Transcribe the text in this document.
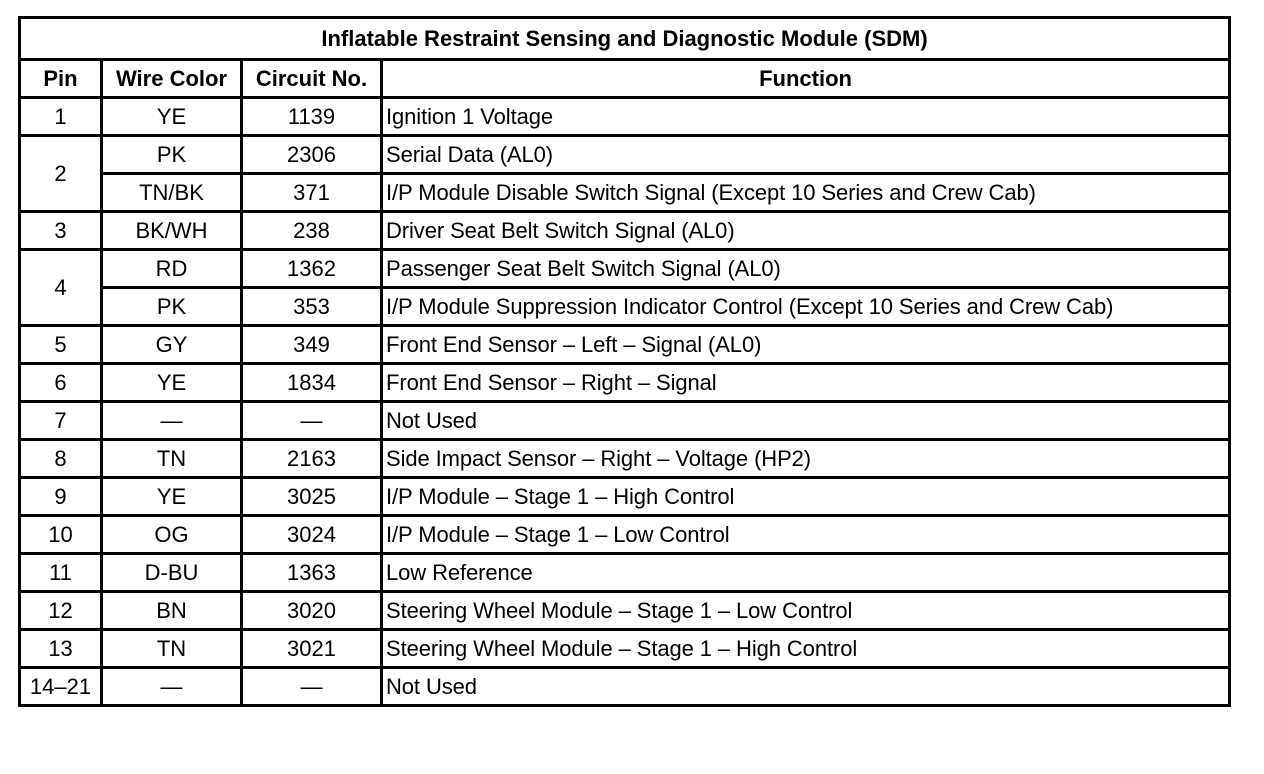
Inflatable Restraint Sensing and Diagnostic Module (SDM)			
Pin	Wire Color	Circuit No.	Function
1	YE	1139	Ignition 1 Voltage
2	PK	2306	Serial Data (AL0)
	TN/BK	371	I/P Module Disable Switch Signal (Except 10 Series and Crew Cab)
3	BK/WH	238	Driver Seat Belt Switch Signal (AL0)
4	RD	1362	Passenger Seat Belt Switch Signal (AL0)
	PK	353	I/P Module Suppression Indicator Control (Except 10 Series and Crew Cab)
5	GY	349	Front End Sensor – Left – Signal (AL0)
6	YE	1834	Front End Sensor – Right – Signal
7	—	—	Not Used
8	TN	2163	Side Impact Sensor – Right – Voltage (HP2)
9	YE	3025	I/P Module – Stage 1 – High Control
10	OG	3024	I/P Module – Stage 1 – Low Control
11	D-BU	1363	Low Reference
12	BN	3020	Steering Wheel Module – Stage 1 – Low Control
13	TN	3021	Steering Wheel Module – Stage 1 – High Control
14–21	—	—	Not Used
